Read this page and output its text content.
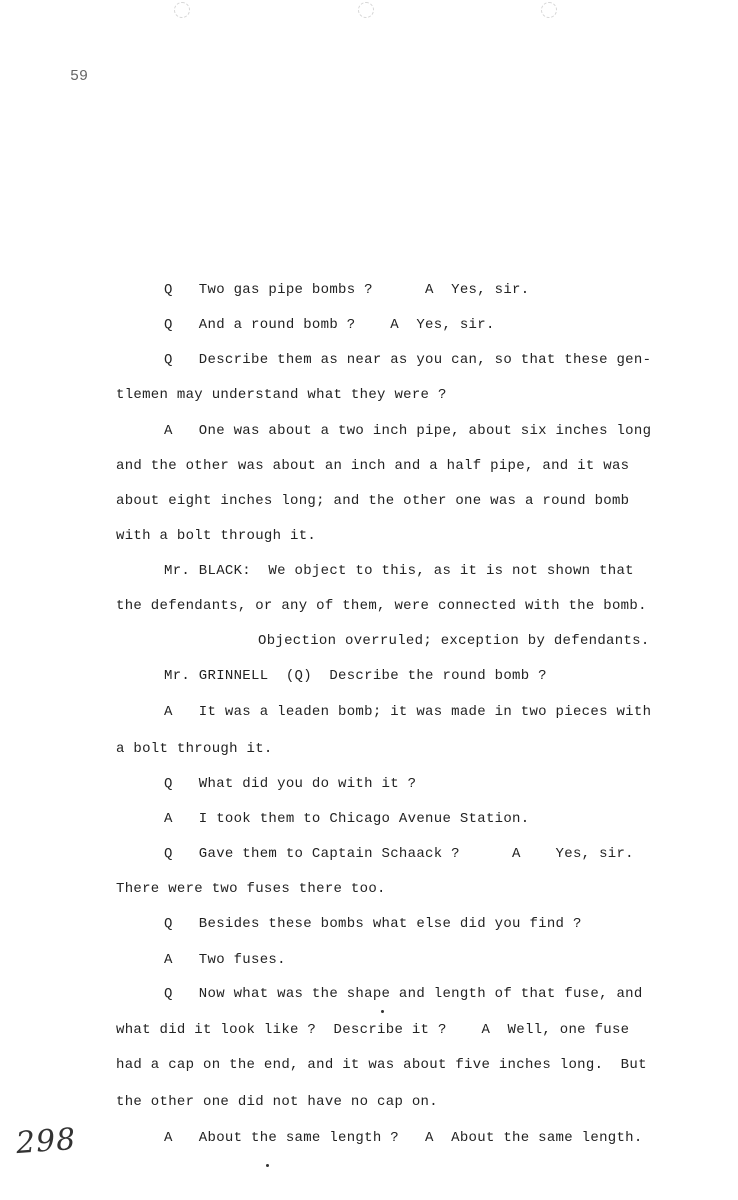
59
Q   Two gas pipe bombs ?      A  Yes, sir.
Q   And a round bomb ?    A  Yes, sir.
Q   Describe them as near as you can, so that these gen-
tlemen may understand what they were ?
A   One was about a two inch pipe, about six inches long
and the other was about an inch and a half pipe, and it was
about eight inches long; and the other one was a round bomb
with a bolt through it.
Mr. BLACK:  We object to this, as it is not shown that
the defendants, or any of them, were connected with the bomb.
Objection overruled; exception by defendants.
Mr. GRINNELL  (Q)  Describe the round bomb ?
A   It was a leaden bomb; it was made in two pieces with
a bolt through it.
Q   What did you do with it ?
A   I took them to Chicago Avenue Station.
Q   Gave them to Captain Schaack ?      A    Yes, sir.
There were two fuses there too.
Q   Besides these bombs what else did you find ?
A   Two fuses.
Q   Now what was the shape and length of that fuse, and
what did it look like ?  Describe it ?    A  Well, one fuse
had a cap on the end, and it was about five inches long.  But
the other one did not have no cap on.
A   About the same length ?   A  About the same length.
298
